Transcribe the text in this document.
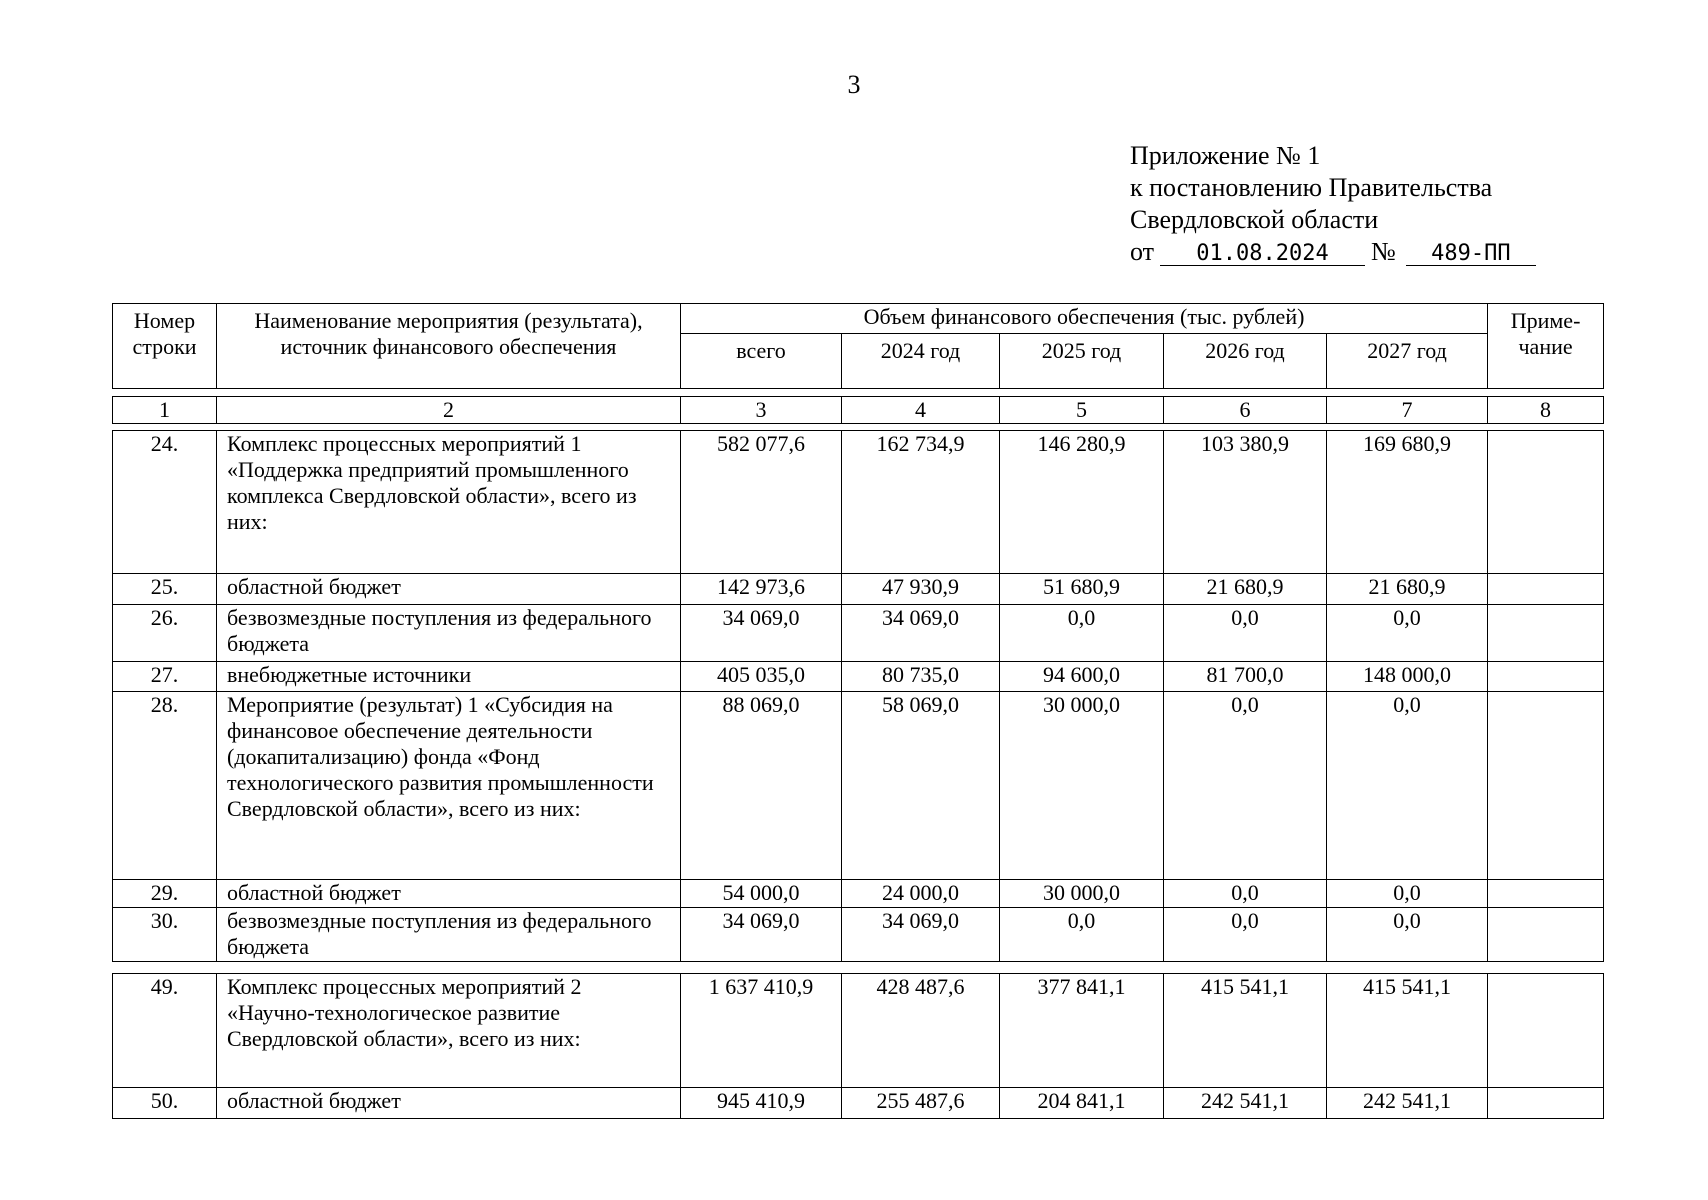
3
Приложение № 1
к постановлению Правительства
Свердловской области
от 01.08.2024 № 489-ПП
Номер строки	Наименование мероприятия (результата), источник финансового обеспечения	Объем финансового обеспечения (тыс. рублей)					Приме-чание
		всего	2024 год	2025 год	2026 год	2027 год	
1	2	3	4	5	6	7	8
24.	Комплекс процессных мероприятий 1 «Поддержка предприятий промышленного комплекса Свердловской области», всего из них:	582 077,6	162 734,9	146 280,9	103 380,9	169 680,9	
25.	областной бюджет	142 973,6	47 930,9	51 680,9	21 680,9	21 680,9	
26.	безвозмездные поступления из федерального бюджета	34 069,0	34 069,0	0,0	0,0	0,0	
27.	внебюджетные источники	405 035,0	80 735,0	94 600,0	81 700,0	148 000,0	
28.	Мероприятие (результат) 1 «Субсидия на финансовое обеспечение деятельности (докапитализацию) фонда «Фонд технологического развития промышленности Свердловской области», всего из них:	88 069,0	58 069,0	30 000,0	0,0	0,0	
29.	областной бюджет	54 000,0	24 000,0	30 000,0	0,0	0,0	
30.	безвозмездные поступления из федерального бюджета	34 069,0	34 069,0	0,0	0,0	0,0	
49.	Комплекс процессных мероприятий 2 «Научно-технологическое развитие Свердловской области», всего из них:	1 637 410,9	428 487,6	377 841,1	415 541,1	415 541,1	
50.	областной бюджет	945 410,9	255 487,6	204 841,1	242 541,1	242 541,1	
